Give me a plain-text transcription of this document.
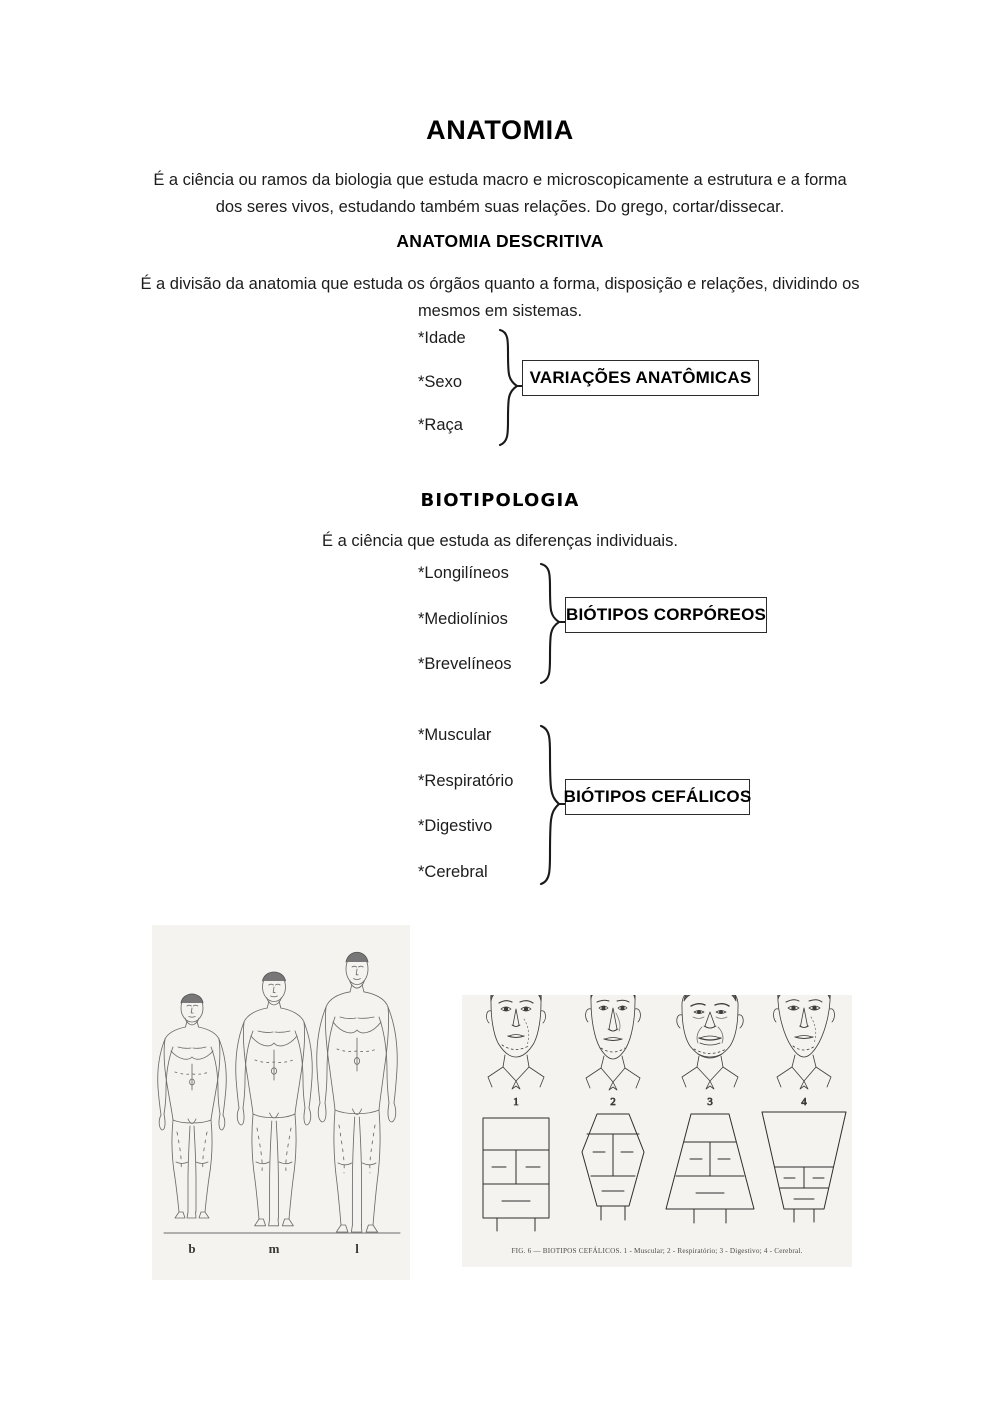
ANATOMIA
É a ciência ou ramos da biologia que estuda macro e microscopicamente a estrutura e a forma dos seres vivos, estudando também suas relações. Do grego, cortar/dissecar.
ANATOMIA DESCRITIVA
É a divisão da anatomia que estuda os órgãos quanto a forma, disposição e relações, dividindo os mesmos em sistemas.
*Idade
*Sexo
*Raça
VARIAÇÕES ANATÔMICAS
BIOTIPOLOGIA
É a ciência que estuda as diferenças individuais.
*Longilíneos
*Mediolínios
*Brevelíneos
BIÓTIPOS CORPÓREOS
*Muscular
*Respiratório
*Digestivo
*Cerebral
BIÓTIPOS CEFÁLICOS
b	m	l
1	2	3	4
FIG. 6 — BIOTIPOS CEFÁLICOS. 1 - Muscular; 2 - Respiratório; 3 - Digestivo; 4 - Cerebral.
